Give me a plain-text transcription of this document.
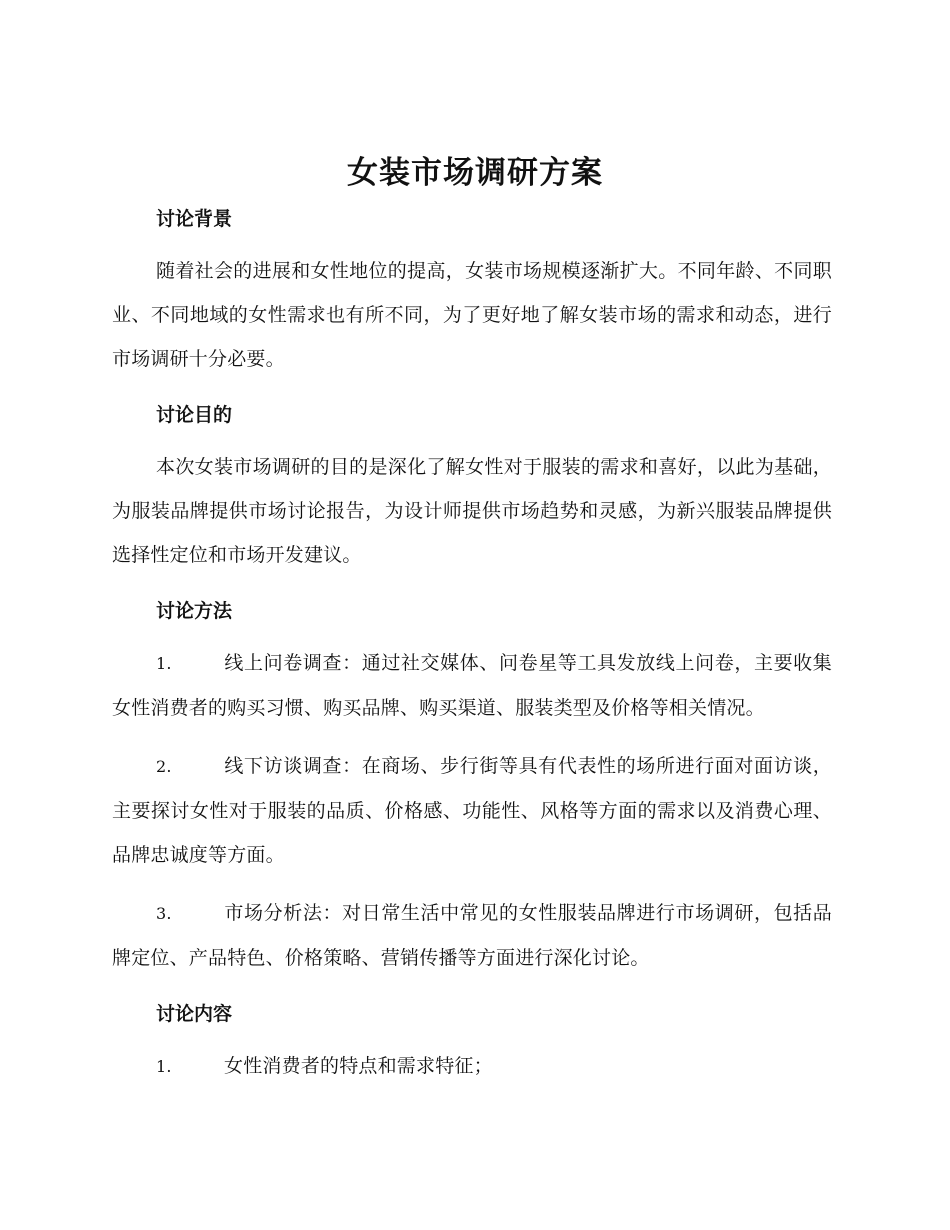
女装市场调研方案
讨论背景

随着社会的进展和女性地位的提高，女装市场规模逐渐扩大。不同年龄、不同职业、不同地域的女性需求也有所不同，为了更好地了解女装市场的需求和动态，进行市场调研十分必要。

讨论目的

本次女装市场调研的目的是深化了解女性对于服装的需求和喜好，以此为基础，为服装品牌提供市场讨论报告，为设计师提供市场趋势和灵感，为新兴服装品牌提供选择性定位和市场开发建议。

讨论方法

1.	线上问卷调查：通过社交媒体、问卷星等工具发放线上问卷，主要收集女性消费者的购买习惯、购买品牌、购买渠道、服装类型及价格等相关情况。

2.	线下访谈调查：在商场、步行街等具有代表性的场所进行面对面访谈，主要探讨女性对于服装的品质、价格感、功能性、风格等方面的需求以及消费心理、品牌忠诚度等方面。

3.	市场分析法：对日常生活中常见的女性服装品牌进行市场调研，包括品牌定位、产品特色、价格策略、营销传播等方面进行深化讨论。

讨论内容

1.	女性消费者的特点和需求特征；
